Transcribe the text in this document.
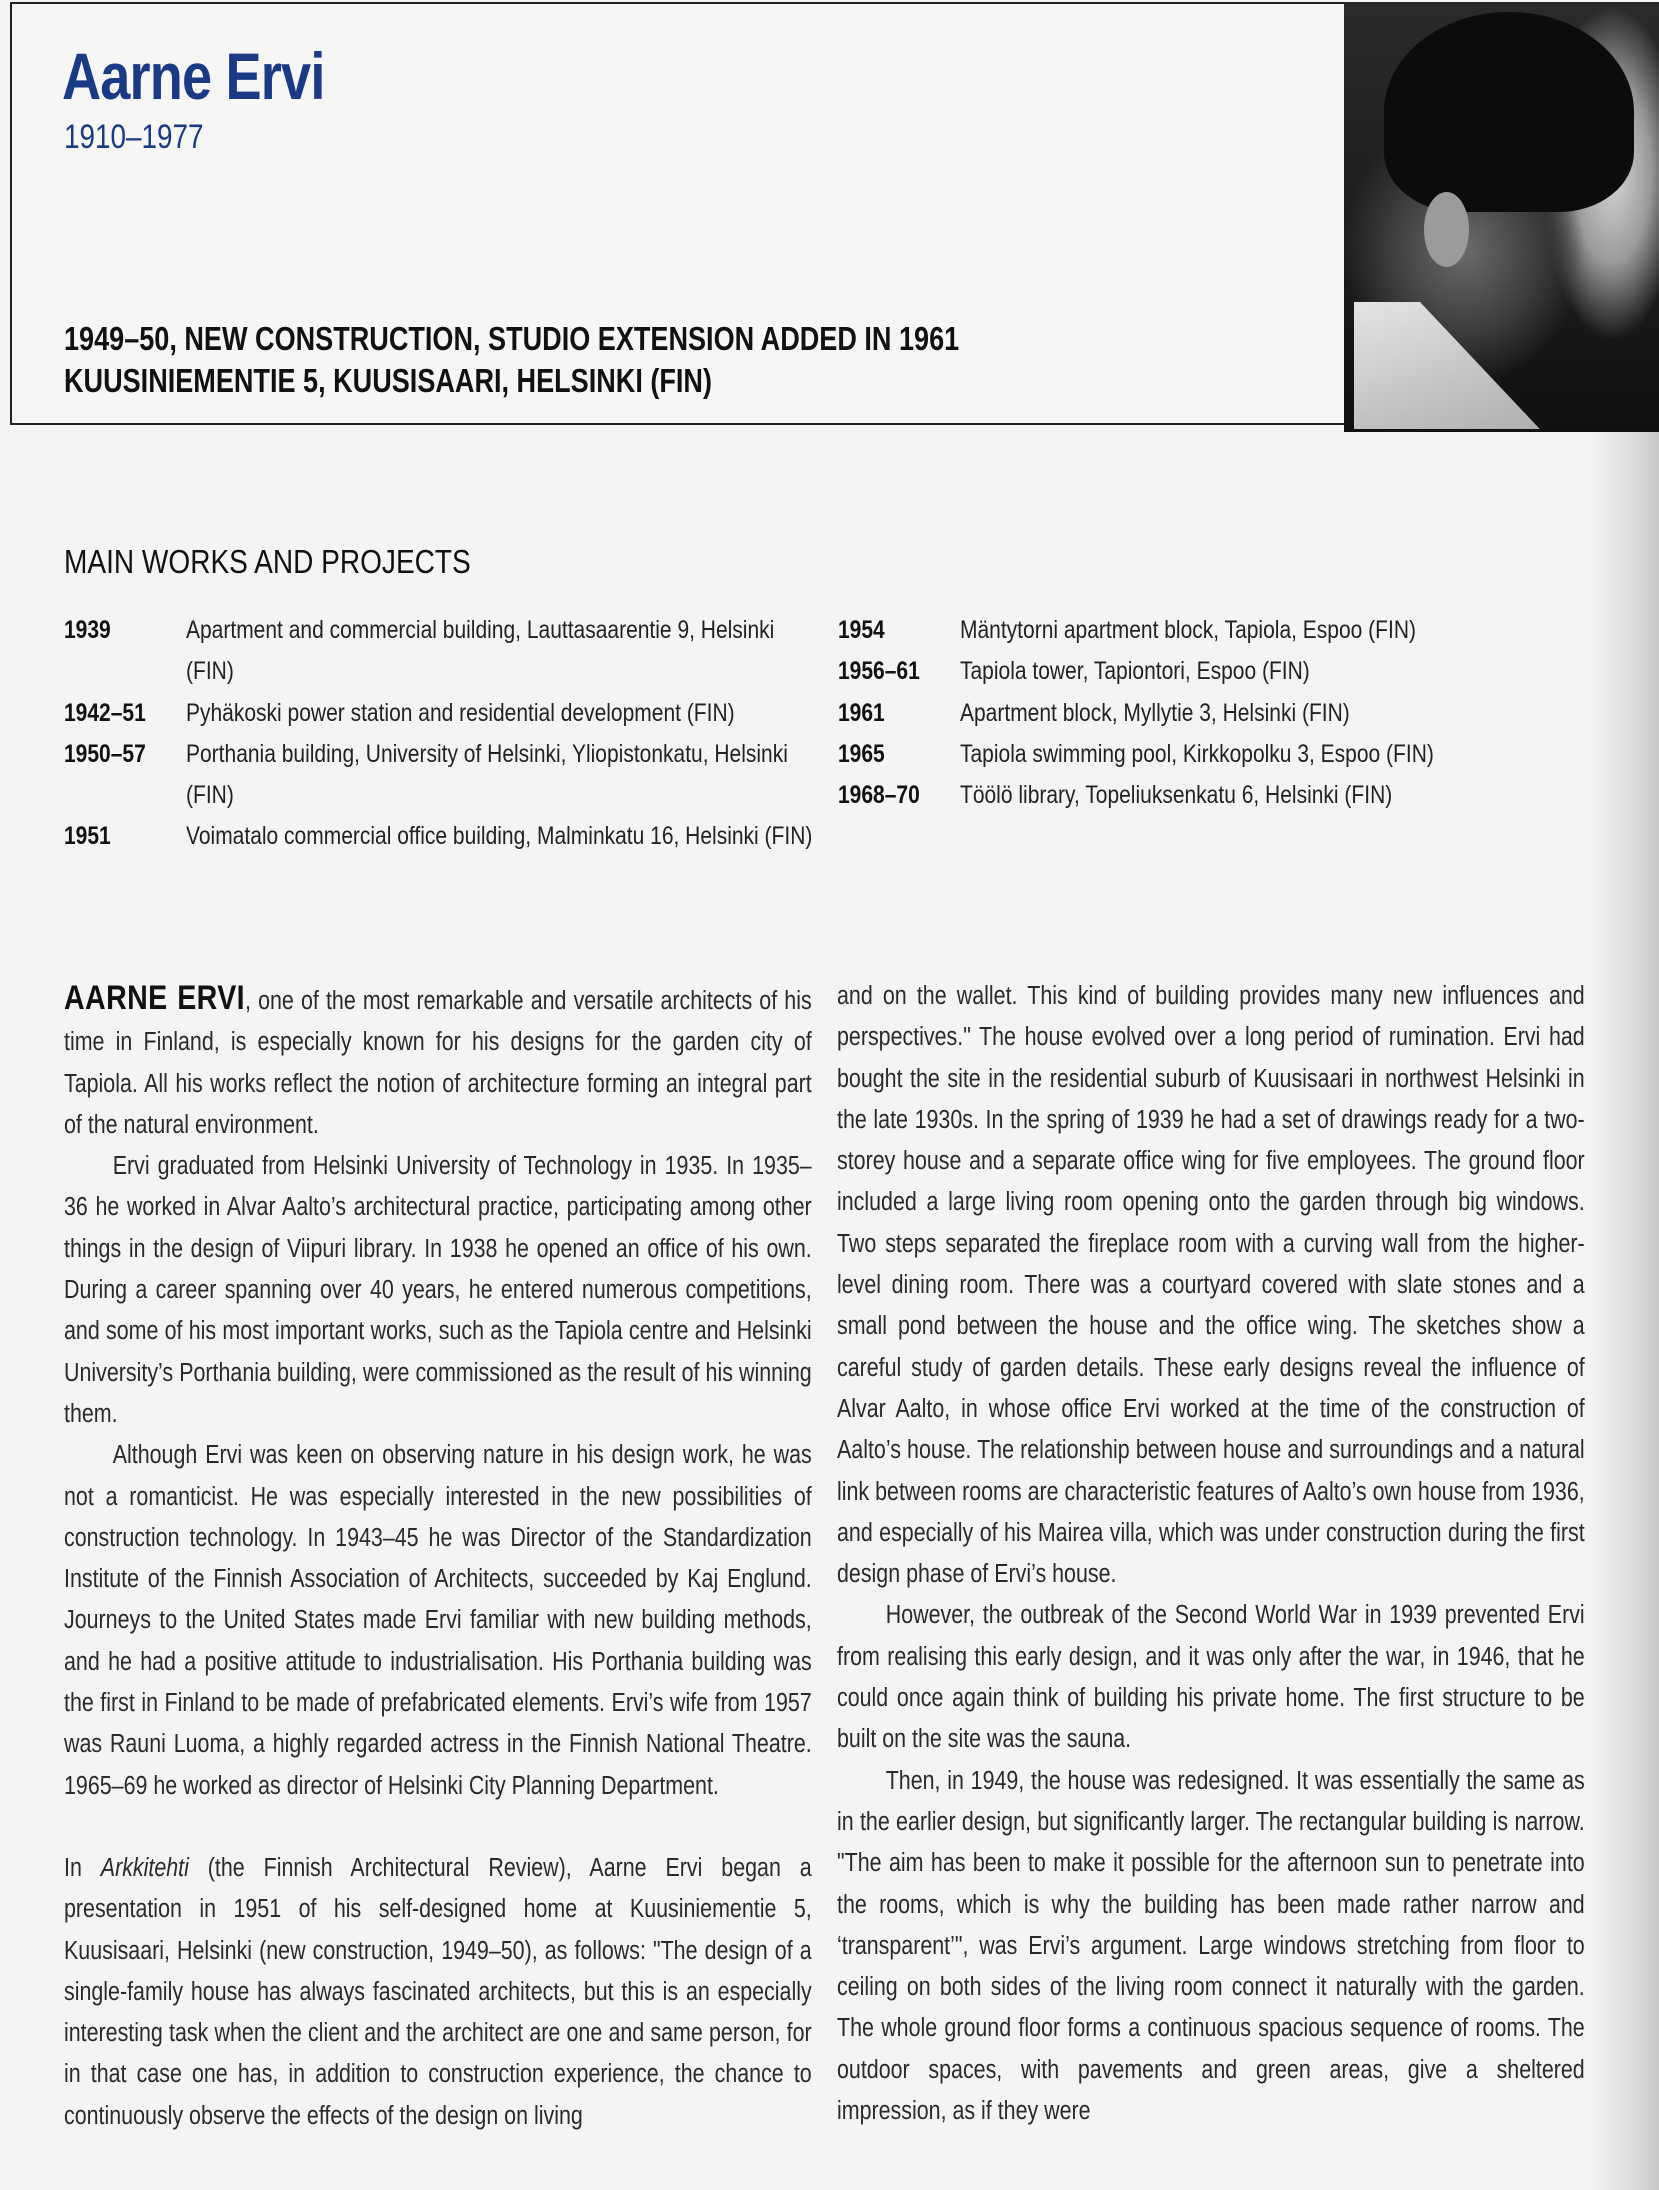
Aarne Ervi
1910–1977
1949–50, NEW CONSTRUCTION, STUDIO EXTENSION ADDED IN 1961
KUUSINIEMENTIE 5, KUUSISAARI, HELSINKI (FIN)
MAIN WORKS AND PROJECTS
1939	Apartment and commercial building, Lauttasaarentie 9, Helsinki (FIN)
1942–51	Pyhäkoski power station and residential development (FIN)
1950–57	Porthania building, University of Helsinki, Yliopistonkatu, Helsinki (FIN)
1951	Voimatalo commercial office building, Malminkatu 16, Helsinki (FIN)
1954	Mäntytorni apartment block, Tapiola, Espoo (FIN)
1956–61	Tapiola tower, Tapiontori, Espoo (FIN)
1961	Apartment block, Myllytie 3, Helsinki (FIN)
1965	Tapiola swimming pool, Kirkkopolku 3, Espoo (FIN)
1968–70	Töölö library, Topeliuksenkatu 6, Helsinki (FIN)

AARNE ERVI, one of the most remarkable and versatile architects of his time in Finland, is especially known for his designs for the garden city of Tapiola. All his works reflect the notion of architecture forming an integral part of the natural environment.

Ervi graduated from Helsinki University of Technology in 1935. In 1935–36 he worked in Alvar Aalto’s architectural practice, participating among other things in the design of Viipuri library. In 1938 he opened an office of his own. During a career spanning over 40 years, he entered numerous competitions, and some of his most important works, such as the Tapiola centre and Helsinki University’s Porthania building, were commissioned as the result of his winning them.

Although Ervi was keen on observing nature in his design work, he was not a romanticist. He was especially interested in the new possibilities of construction technology. In 1943–45 he was Director of the Standardization Institute of the Finnish Association of Architects, succeeded by Kaj Englund. Journeys to the United States made Ervi familiar with new building methods, and he had a positive attitude to industrialisation. His Porthania building was the first in Finland to be made of prefabricated elements. Ervi’s wife from 1957 was Rauni Luoma, a highly regarded actress in the Finnish National Theatre. 1965–69 he worked as director of Helsinki City Planning Department.

In Arkkitehti (the Finnish Architectural Review), Aarne Ervi began a presentation in 1951 of his self-designed home at Kuusiniementie 5, Kuusisaari, Helsinki (new construction, 1949–50), as follows: "The design of a single-family house has always fascinated architects, but this is an especially interesting task when the client and the architect are one and same person, for in that case one has, in addition to construction experience, the chance to continuously observe the effects of the design on living

and on the wallet. This kind of building provides many new influences and perspectives." The house evolved over a long period of rumination. Ervi had bought the site in the residential suburb of Kuusisaari in northwest Helsinki in the late 1930s. In the spring of 1939 he had a set of drawings ready for a two-storey house and a separate office wing for five employees. The ground floor included a large living room opening onto the garden through big windows. Two steps separated the fireplace room with a curving wall from the higher-level dining room. There was a courtyard covered with slate stones and a small pond between the house and the office wing. The sketches show a careful study of garden details. These early designs reveal the influence of Alvar Aalto, in whose office Ervi worked at the time of the construction of Aalto’s house. The relationship between house and surroundings and a natural link between rooms are characteristic features of Aalto’s own house from 1936, and especially of his Mairea villa, which was under construction during the first design phase of Ervi’s house.

However, the outbreak of the Second World War in 1939 prevented Ervi from realising this early design, and it was only after the war, in 1946, that he could once again think of building his private home. The first structure to be built on the site was the sauna.

Then, in 1949, the house was redesigned. It was essentially the same as in the earlier design, but significantly larger. The rectangular building is narrow. "The aim has been to make it possible for the afternoon sun to penetrate into the rooms, which is why the building has been made rather narrow and ‘transparent’", was Ervi’s argument. Large windows stretching from floor to ceiling on both sides of the living room connect it naturally with the garden. The whole ground floor forms a continuous spacious sequence of rooms. The outdoor spaces, with pavements and green areas, give a sheltered impression, as if they were
